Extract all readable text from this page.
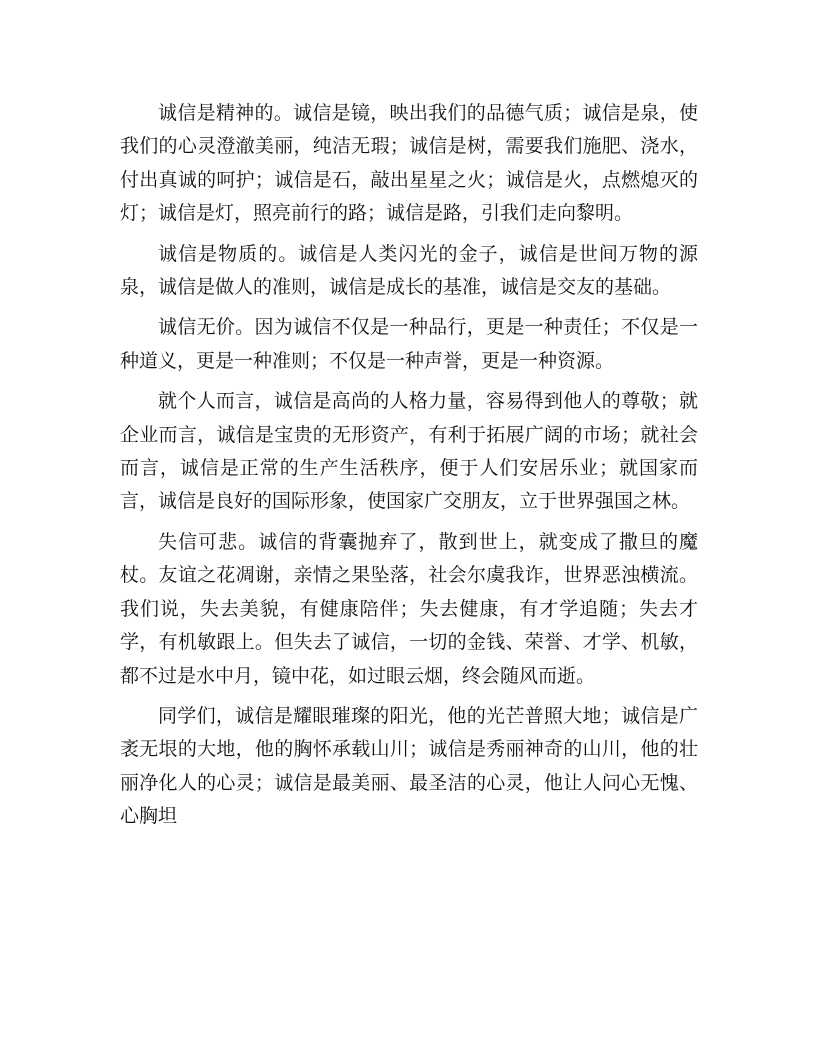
诚信是精神的。诚信是镜，映出我们的品德气质；诚信是泉，使我们的心灵澄澈美丽，纯洁无瑕；诚信是树，需要我们施肥、浇水，付出真诚的呵护；诚信是石，敲出星星之火；诚信是火，点燃熄灭的灯；诚信是灯，照亮前行的路；诚信是路，引我们走向黎明。

诚信是物质的。诚信是人类闪光的金子，诚信是世间万物的源泉，诚信是做人的准则，诚信是成长的基准，诚信是交友的基础。

诚信无价。因为诚信不仅是一种品行，更是一种责任；不仅是一种道义，更是一种准则；不仅是一种声誉，更是一种资源。

就个人而言，诚信是高尚的人格力量，容易得到他人的尊敬；就企业而言，诚信是宝贵的无形资产，有利于拓展广阔的市场；就社会而言，诚信是正常的生产生活秩序，便于人们安居乐业；就国家而言，诚信是良好的国际形象，使国家广交朋友，立于世界强国之林。

失信可悲。诚信的背囊抛弃了，散到世上，就变成了撒旦的魔杖。友谊之花凋谢，亲情之果坠落，社会尔虞我诈，世界恶浊横流。我们说，失去美貌，有健康陪伴；失去健康，有才学追随；失去才学，有机敏跟上。但失去了诚信，一切的金钱、荣誉、才学、机敏，都不过是水中月，镜中花，如过眼云烟，终会随风而逝。

同学们，诚信是耀眼璀璨的阳光，他的光芒普照大地；诚信是广袤无垠的大地，他的胸怀承载山川；诚信是秀丽神奇的山川，他的壮丽净化人的心灵；诚信是最美丽、最圣洁的心灵，他让人问心无愧、心胸坦
